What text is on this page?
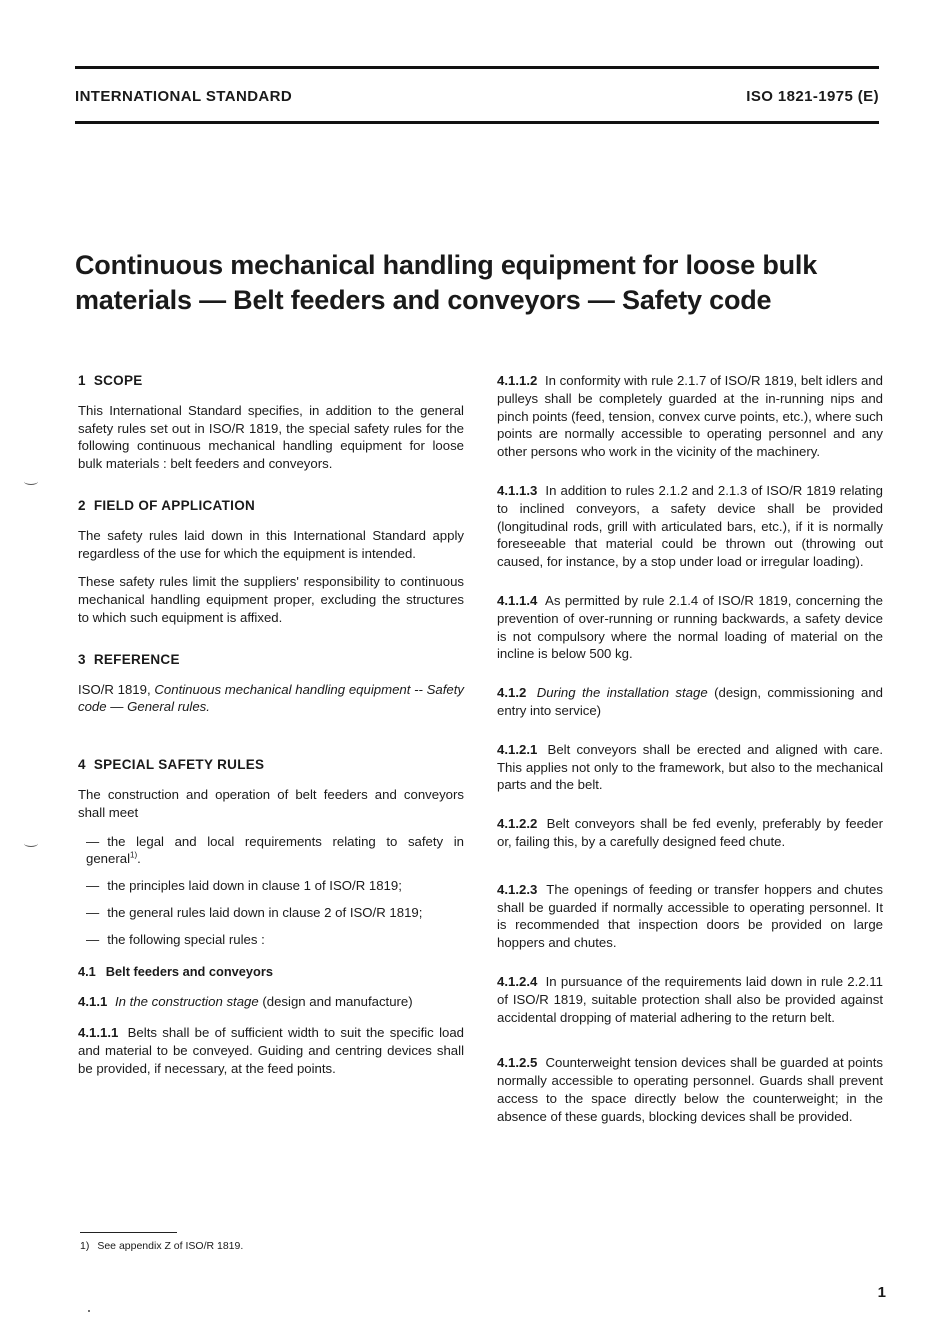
INTERNATIONAL STANDARD	ISO 1821-1975 (E)
Continuous mechanical handling equipment for loose bulk materials — Belt feeders and conveyors — Safety code
1 SCOPE

This International Standard specifies, in addition to the general safety rules set out in ISO/R 1819, the special safety rules for the following continuous mechanical handling equipment for loose bulk materials : belt feeders and conveyors.

2 FIELD OF APPLICATION

The safety rules laid down in this International Standard apply regardless of the use for which the equipment is intended.

These safety rules limit the suppliers' responsibility to continuous mechanical handling equipment proper, excluding the structures to which such equipment is affixed.

3 REFERENCE

ISO/R 1819, Continuous mechanical handling equipment -- Safety code — General rules.

4 SPECIAL SAFETY RULES

The construction and operation of belt feeders and conveyors shall meet

— the legal and local requirements relating to safety in general$^{1)}$.

— the principles laid down in clause 1 of ISO/R 1819;

— the general rules laid down in clause 2 of ISO/R 1819;

— the following special rules :

4.1 Belt feeders and conveyors

4.1.1 In the construction stage (design and manufacture)

4.1.1.1 Belts shall be of sufficient width to suit the specific load and material to be conveyed. Guiding and centring devices shall be provided, if necessary, at the feed points.

4.1.1.2 In conformity with rule 2.1.7 of ISO/R 1819, belt idlers and pulleys shall be completely guarded at the in-running nips and pinch points (feed, tension, convex curve points, etc.), where such points are normally accessible to operating personnel and any other persons who work in the vicinity of the machinery.

4.1.1.3 In addition to rules 2.1.2 and 2.1.3 of ISO/R 1819 relating to inclined conveyors, a safety device shall be provided (longitudinal rods, grill with articulated bars, etc.), if it is normally foreseeable that material could be thrown out (throwing out caused, for instance, by a stop under load or irregular loading).

4.1.1.4 As permitted by rule 2.1.4 of ISO/R 1819, concerning the prevention of over-running or running backwards, a safety device is not compulsory where the normal loading of material on the incline is below 500 kg.

4.1.2 During the installation stage (design, commissioning and entry into service)

4.1.2.1 Belt conveyors shall be erected and aligned with care. This applies not only to the framework, but also to the mechanical parts and the belt.

4.1.2.2 Belt conveyors shall be fed evenly, preferably by feeder or, failing this, by a carefully designed feed chute.

4.1.2.3 The openings of feeding or transfer hoppers and chutes shall be guarded if normally accessible to operating personnel. It is recommended that inspection doors be provided on large hoppers and chutes.

4.1.2.4 In pursuance of the requirements laid down in rule 2.2.11 of ISO/R 1819, suitable protection shall also be provided against accidental dropping of material adhering to the return belt.

4.1.2.5 Counterweight tension devices shall be guarded at points normally accessible to operating personnel. Guards shall prevent access to the space directly below the counterweight; in the absence of these guards, blocking devices shall be provided.

1) See appendix Z of ISO/R 1819.
1
